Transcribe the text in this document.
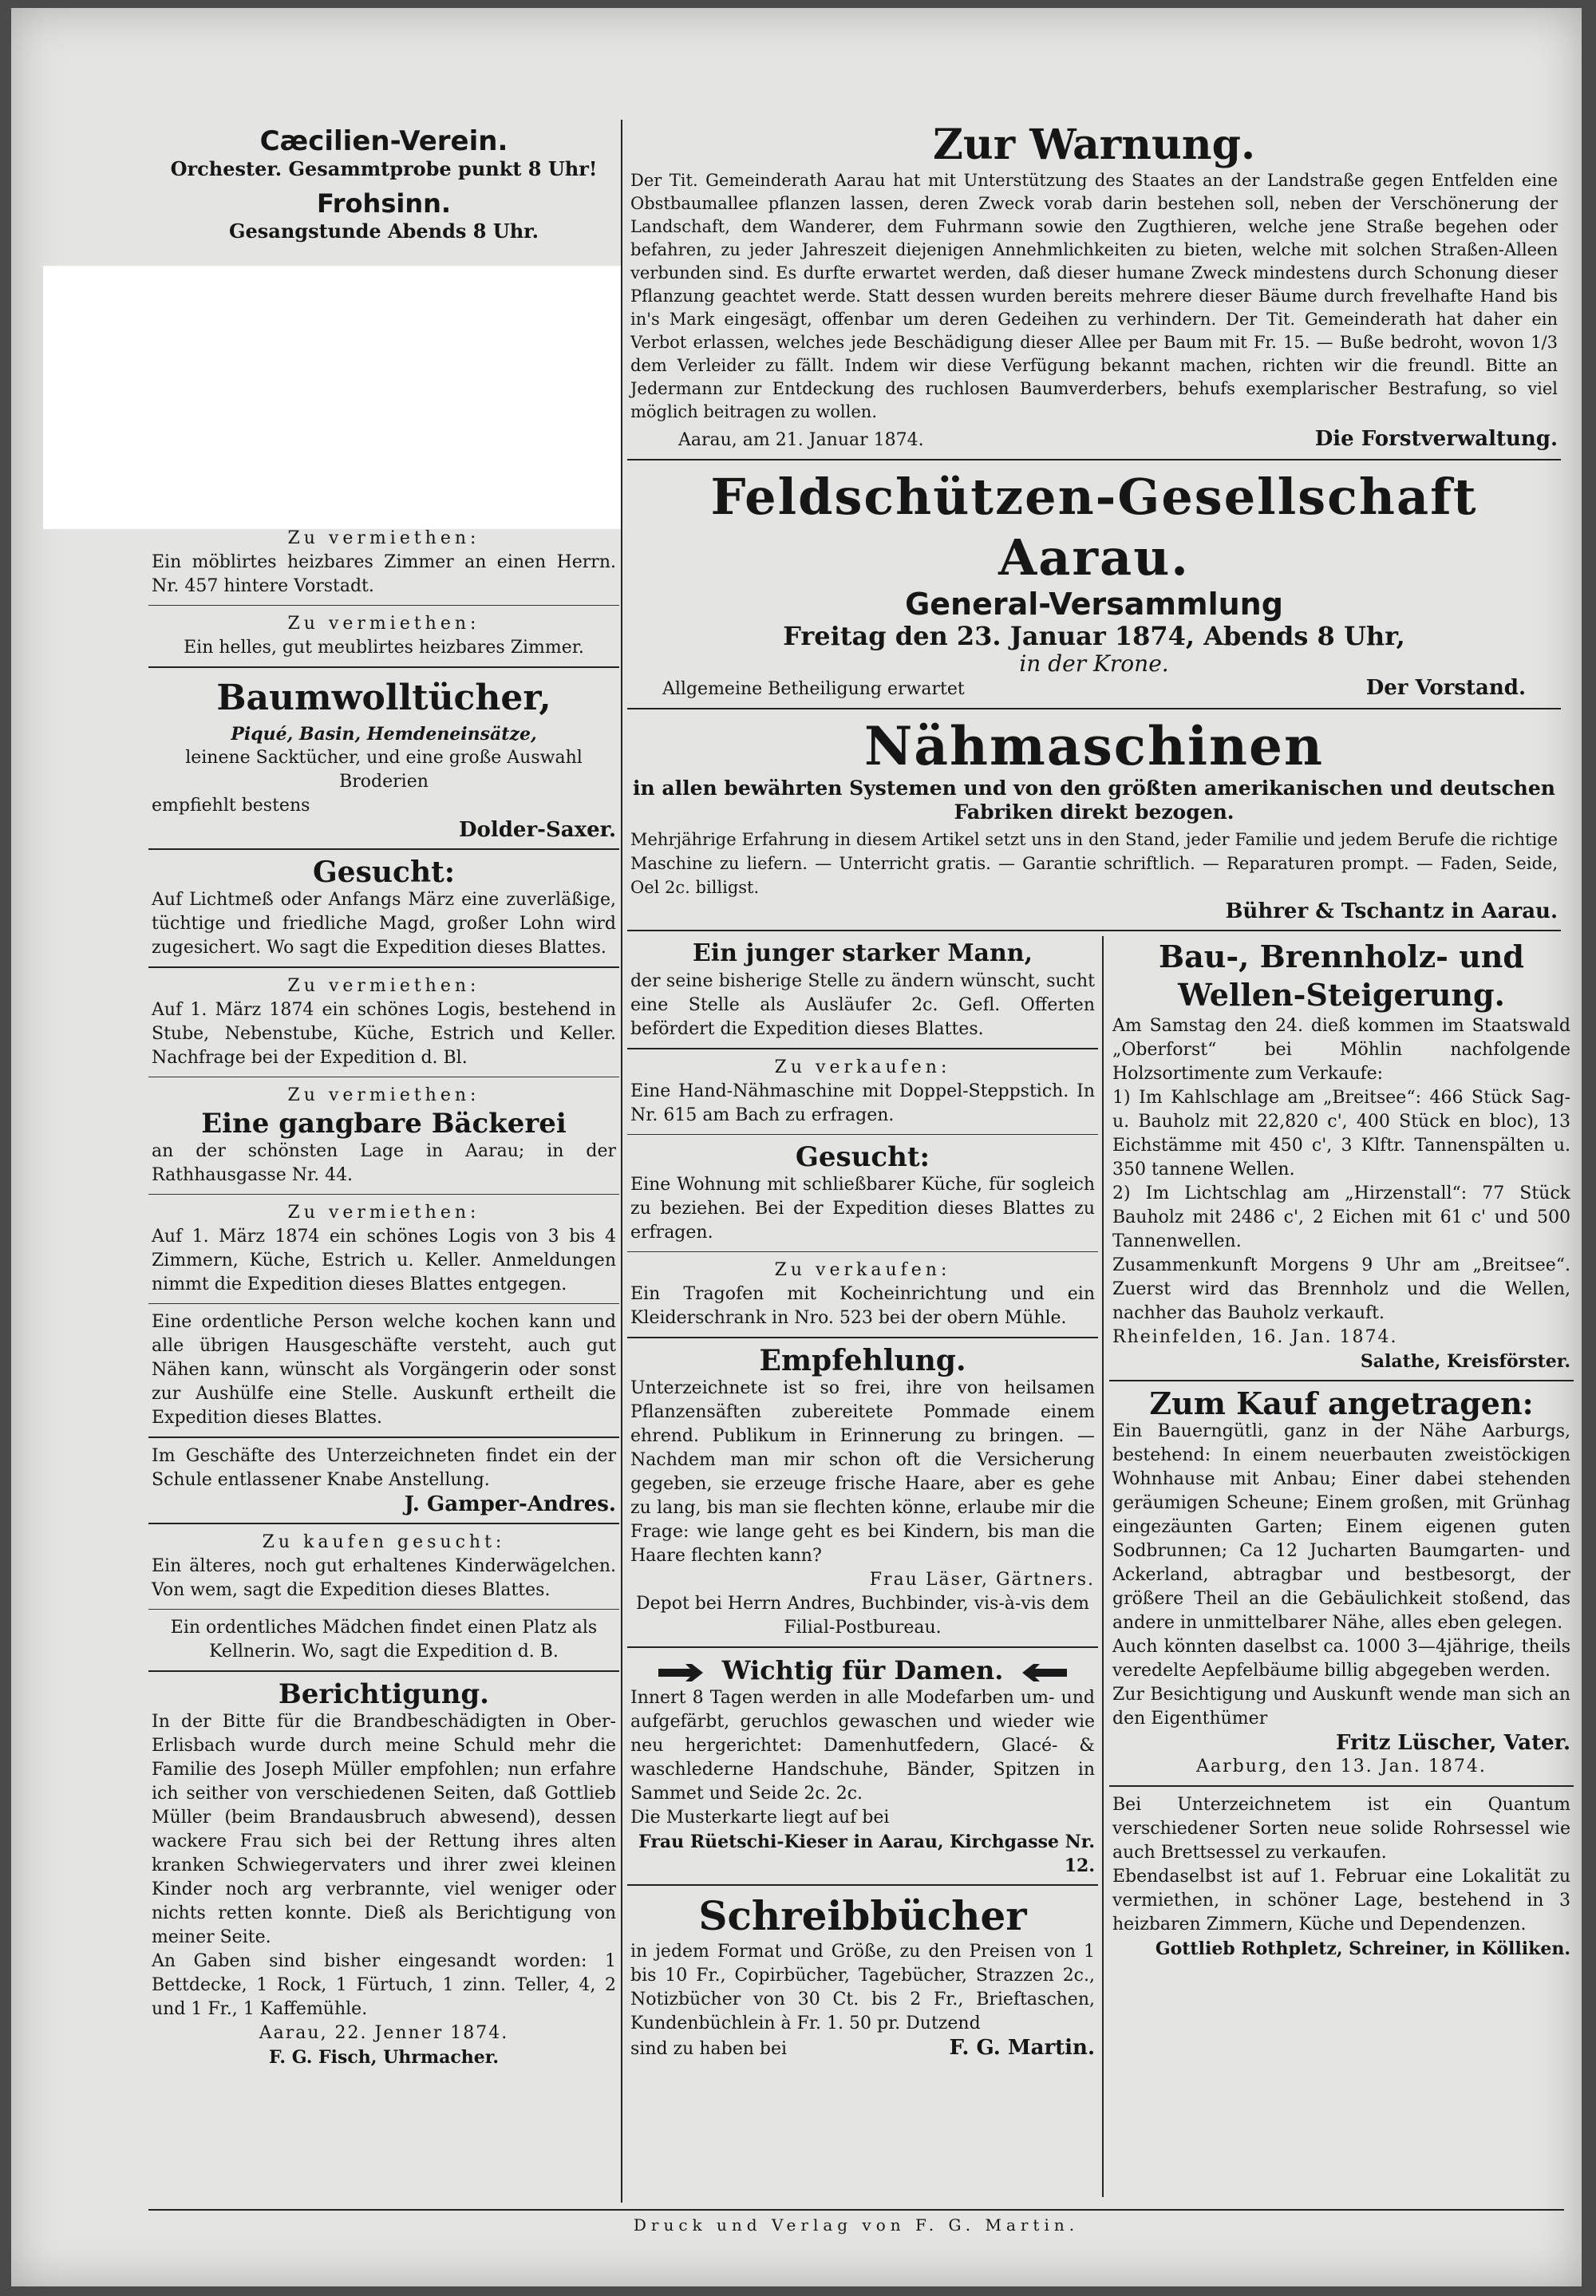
Cæcilien-Verein.

Orchester. Gesammtprobe punkt 8 Uhr!

Frohsinn.

Gesangstunde Abends 8 Uhr.

Zu vermiethen:

Ein möblirtes heizbares Zimmer an einen Herrn. Nr. 457 hintere Vorstadt.

Zu vermiethen:

Ein helles, gut meublirtes heizbares Zimmer.

Baumwolltücher,

Piqué, Basin, Hemdeneinsätze,

leinene Sacktücher, und eine große Auswahl Broderien

empfiehlt bestens

Dolder-Saxer.

Gesucht:

Auf Lichtmeß oder Anfangs März eine zuverläßige, tüchtige und friedliche Magd, großer Lohn wird zugesichert. Wo sagt die Expedition dieses Blattes.

Zu vermiethen:

Auf 1. März 1874 ein schönes Logis, bestehend in Stube, Nebenstube, Küche, Estrich und Keller. Nachfrage bei der Expedition d. Bl.

Zu vermiethen:

Eine gangbare Bäckerei

an der schönsten Lage in Aarau; in der Rathhausgasse Nr. 44.

Zu vermiethen:

Auf 1. März 1874 ein schönes Logis von 3 bis 4 Zimmern, Küche, Estrich u. Keller. Anmeldungen nimmt die Expedition dieses Blattes entgegen.

Eine ordentliche Person welche kochen kann und alle übrigen Hausgeschäfte versteht, auch gut Nähen kann, wünscht als Vorgängerin oder sonst zur Aushülfe eine Stelle. Auskunft ertheilt die Expedition dieses Blattes.

Im Geschäfte des Unterzeichneten findet ein der Schule entlassener Knabe Anstellung.

J. Gamper-Andres.

Zu kaufen gesucht:

Ein älteres, noch gut erhaltenes Kinderwägelchen. Von wem, sagt die Expedition dieses Blattes.

Ein ordentliches Mädchen findet einen Platz als Kellnerin. Wo, sagt die Expedition d. B.

Berichtigung.

In der Bitte für die Brandbeschädigten in Ober-Erlisbach wurde durch meine Schuld mehr die Familie des Joseph Müller empfohlen; nun erfahre ich seither von verschiedenen Seiten, daß Gottlieb Müller (beim Brandausbruch abwesend), dessen wackere Frau sich bei der Rettung ihres alten kranken Schwiegervaters und ihrer zwei kleinen Kinder noch arg verbrannte, viel weniger oder nichts retten konnte. Dieß als Berichtigung von meiner Seite.

An Gaben sind bisher eingesandt worden: 1 Bettdecke, 1 Rock, 1 Fürtuch, 1 zinn. Teller, 4, 2 und 1 Fr., 1 Kaffemühle.

Aarau, 22. Jenner 1874.

F. G. Fisch, Uhrmacher.

Zur Warnung.

Der Tit. Gemeinderath Aarau hat mit Unterstützung des Staates an der Landstraße gegen Entfelden eine Obstbaumallee pflanzen lassen, deren Zweck vorab darin bestehen soll, neben der Verschönerung der Landschaft, dem Wanderer, dem Fuhrmann sowie den Zugthieren, welche jene Straße begehen oder befahren, zu jeder Jahreszeit diejenigen Annehmlichkeiten zu bieten, welche mit solchen Straßen-Alleen verbunden sind. Es durfte erwartet werden, daß dieser humane Zweck mindestens durch Schonung dieser Pflanzung geachtet werde. Statt dessen wurden bereits mehrere dieser Bäume durch frevelhafte Hand bis in's Mark eingesägt, offenbar um deren Gedeihen zu verhindern. Der Tit. Gemeinderath hat daher ein Verbot erlassen, welches jede Beschädigung dieser Allee per Baum mit Fr. 15. — Buße bedroht, wovon 1/3 dem Verleider zu fällt. Indem wir diese Verfügung bekannt machen, richten wir die freundl. Bitte an Jedermann zur Entdeckung des ruchlosen Baumverderbers, behufs exemplarischer Bestrafung, so viel möglich beitragen zu wollen.

Aarau, am 21. Januar 1874.	Die Forstverwaltung.

Feldschützen-Gesellschaft Aarau.

General-Versammlung

Freitag den 23. Januar 1874, Abends 8 Uhr,

in der Krone.

Allgemeine Betheiligung erwartet	Der Vorstand.

Nähmaschinen

in allen bewährten Systemen und von den größten amerikanischen und deutschen Fabriken direkt bezogen.

Mehrjährige Erfahrung in diesem Artikel setzt uns in den Stand, jeder Familie und jedem Berufe die richtige Maschine zu liefern. — Unterricht gratis. — Garantie schriftlich. — Reparaturen prompt. — Faden, Seide, Oel 2c. billigst.

Bührer & Tschantz in Aarau.

Ein junger starker Mann,

der seine bisherige Stelle zu ändern wünscht, sucht eine Stelle als Ausläufer 2c. Gefl. Offerten befördert die Expedition dieses Blattes.

Zu verkaufen:

Eine Hand-Nähmaschine mit Doppel-Steppstich. In Nr. 615 am Bach zu erfragen.

Gesucht:

Eine Wohnung mit schließbarer Küche, für sogleich zu beziehen. Bei der Expedition dieses Blattes zu erfragen.

Zu verkaufen:

Ein Tragofen mit Kocheinrichtung und ein Kleiderschrank in Nro. 523 bei der obern Mühle.

Empfehlung.

Unterzeichnete ist so frei, ihre von heilsamen Pflanzensäften zubereitete Pommade einem ehrend. Publikum in Erinnerung zu bringen. — Nachdem man mir schon oft die Versicherung gegeben, sie erzeuge frische Haare, aber es gehe zu lang, bis man sie flechten könne, erlaube mir die Frage: wie lange geht es bei Kindern, bis man die Haare flechten kann?

Frau Läser, Gärtners.

Depot bei Herrn Andres, Buchbinder, vis-à-vis dem Filial-Postbureau.

Wichtig für Damen.

Innert 8 Tagen werden in alle Modefarben um- und aufgefärbt, geruchlos gewaschen und wieder wie neu hergerichtet: Damenhutfedern, Glacé- & waschlederne Handschuhe, Bänder, Spitzen in Sammet und Seide 2c. 2c.

Die Musterkarte liegt auf bei

Frau Rüetschi-Kieser in Aarau, Kirchgasse Nr. 12.

Schreibbücher

in jedem Format und Größe, zu den Preisen von 1 bis 10 Fr., Copirbücher, Tagebücher, Strazzen 2c., Notizbücher von 30 Ct. bis 2 Fr., Brieftaschen, Kundenbüchlein à Fr. 1. 50 pr. Dutzend

sind zu haben bei	F. G. Martin.

Bau-, Brennholz- und Wellen-Steigerung.

Am Samstag den 24. dieß kommen im Staatswald „Oberforst“ bei Möhlin nachfolgende Holzsortimente zum Verkaufe:

1) Im Kahlschlage am „Breitsee“: 466 Stück Sag- u. Bauholz mit 22,820 c', 400 Stück en bloc), 13 Eichstämme mit 450 c', 3 Klftr. Tannenspälten u. 350 tannene Wellen.

2) Im Lichtschlag am „Hirzenstall“: 77 Stück Bauholz mit 2486 c', 2 Eichen mit 61 c' und 500 Tannenwellen.

Zusammenkunft Morgens 9 Uhr am „Breitsee“. Zuerst wird das Brennholz und die Wellen, nachher das Bauholz verkauft.

Rheinfelden, 16. Jan. 1874.

Salathe, Kreisförster.

Zum Kauf angetragen:

Ein Bauerngütli, ganz in der Nähe Aarburgs, bestehend: In einem neuerbauten zweistöckigen Wohnhause mit Anbau; Einer dabei stehenden geräumigen Scheune; Einem großen, mit Grünhag eingezäunten Garten; Einem eigenen guten Sodbrunnen; Ca 12 Jucharten Baumgarten- und Ackerland, abtragbar und bestbesorgt, der größere Theil an die Gebäulichkeit stoßend, das andere in unmittelbarer Nähe, alles eben gelegen.

Auch könnten daselbst ca. 1000 3—4jährige, theils veredelte Aepfelbäume billig abgegeben werden.

Zur Besichtigung und Auskunft wende man sich an den Eigenthümer

Fritz Lüscher, Vater.

Aarburg, den 13. Jan. 1874.

Bei Unterzeichnetem ist ein Quantum verschiedener Sorten neue solide Rohrsessel wie auch Brettsessel zu verkaufen.

Ebendaselbst ist auf 1. Februar eine Lokalität zu vermiethen, in schöner Lage, bestehend in 3 heizbaren Zimmern, Küche und Dependenzen.

Gottlieb Rothpletz, Schreiner, in Kölliken.

Druck und Verlag von F. G. Martin.
